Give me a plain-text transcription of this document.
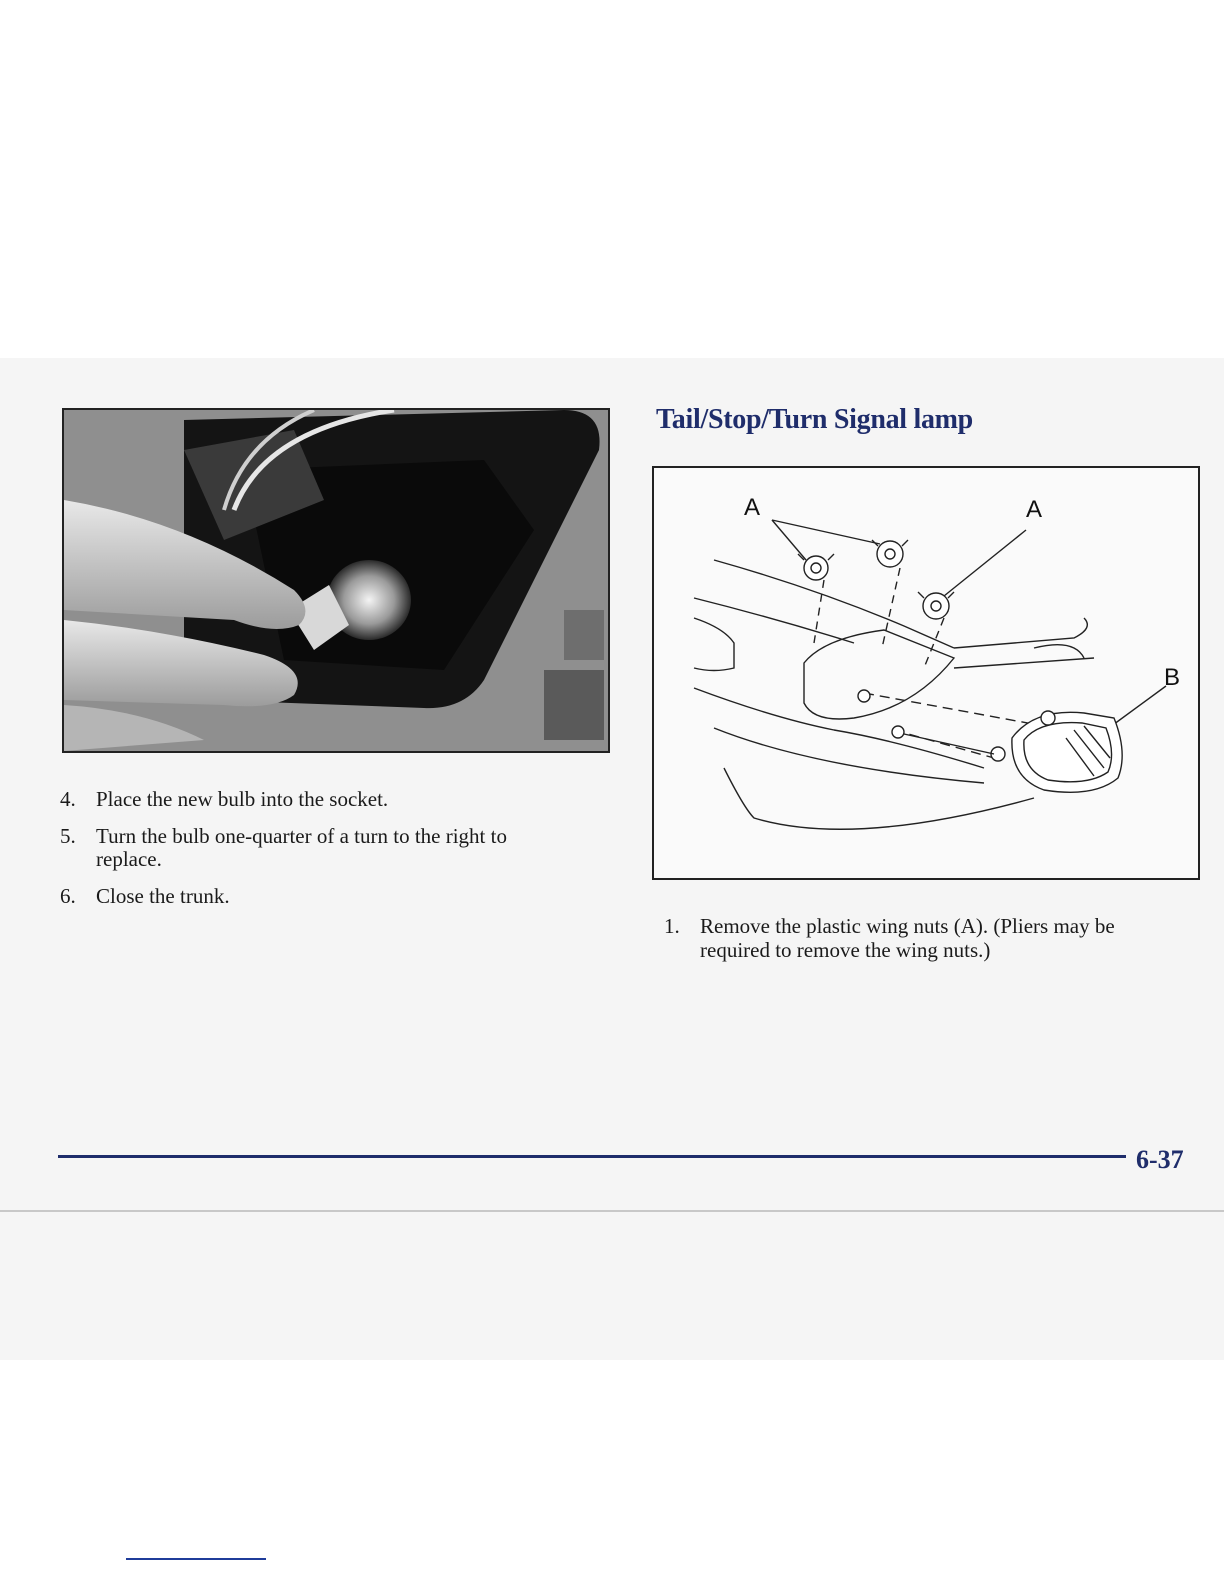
4. Place the new bulb into the socket.
5. Turn the bulb one-quarter of a turn to the right to replace.
6. Close the trunk.
Tail/Stop/Turn Signal lamp
A	A
B
1. Remove the plastic wing nuts (A). (Pliers may be required to remove the wing nuts.)
6-37
